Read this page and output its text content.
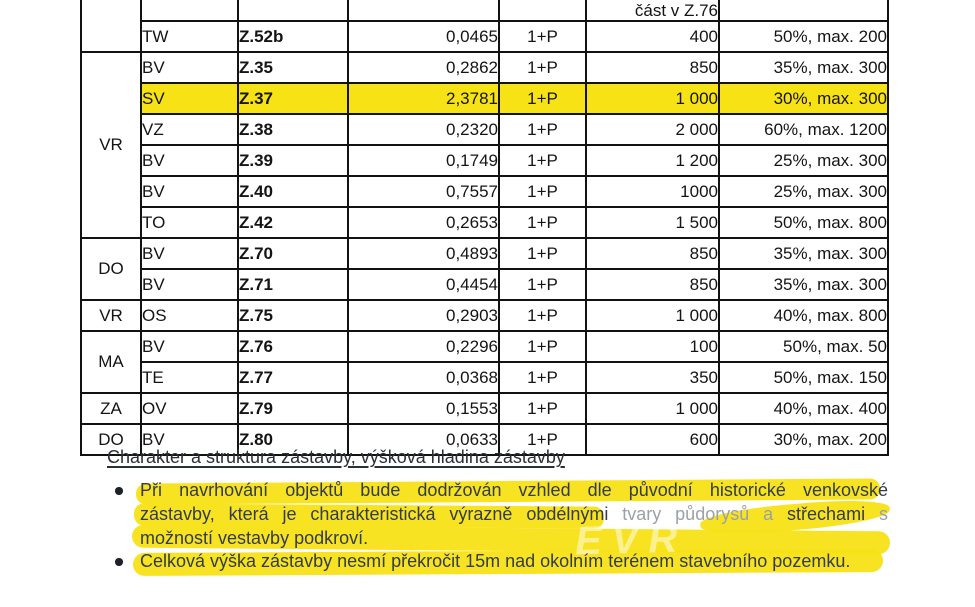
EVR
					část v Z.76	
	TW	Z.52b	0,0465	1+P	400	50%, max. 200
VR	BV	Z.35	0,2862	1+P	850	35%, max. 300
	SV	Z.37	2,3781	1+P	1 000	30%, max. 300
	VZ	Z.38	0,2320	1+P	2 000	60%, max. 1200
	BV	Z.39	0,1749	1+P	1 200	25%, max. 300
	BV	Z.40	0,7557	1+P	1000	25%, max. 300
	TO	Z.42	0,2653	1+P	1 500	50%, max. 800
DO	BV	Z.70	0,4893	1+P	850	35%, max. 300
	BV	Z.71	0,4454	1+P	850	35%, max. 300
VR	OS	Z.75	0,2903	1+P	1 000	40%, max. 800
MA	BV	Z.76	0,2296	1+P	100	50%, max. 50
	TE	Z.77	0,0368	1+P	350	50%, max. 150
ZA	OV	Z.79	0,1553	1+P	1 000	40%, max. 400
DO	BV	Z.80	0,0633	1+P	600	30%, max. 200
Charakter a struktura zástavby, výšková hladina zástavby
Při navrhování objektů bude dodržován vzhled dle původní historické venkovské
zástavby, která je charakteristická výrazně obdélnými tvary půdorysů a střechami s
možností vestavby podkroví.
Celková výška zástavby nesmí překročit 15m nad okolním terénem stavebního pozemku.
